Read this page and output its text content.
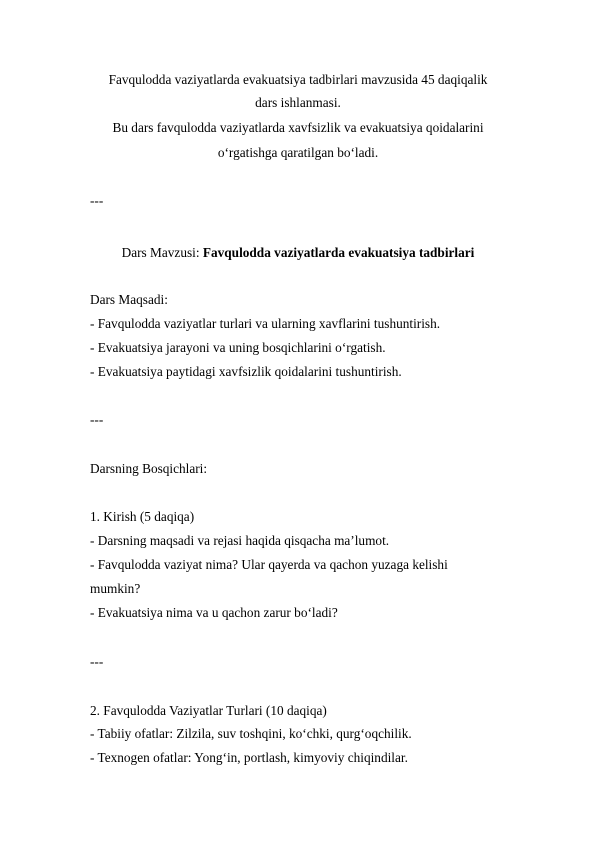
Favqulodda vaziyatlarda evakuatsiya tadbirlari mavzusida 45 daqiqalik
dars ishlanmasi.
Bu dars favqulodda vaziyatlarda xavfsizlik va evakuatsiya qoidalarini
o‘rgatishga qaratilgan bo‘ladi.
---
Dars Mavzusi: Favqulodda vaziyatlarda evakuatsiya tadbirlari
Dars Maqsadi:
- Favqulodda vaziyatlar turlari va ularning xavflarini tushuntirish.
- Evakuatsiya jarayoni va uning bosqichlarini o‘rgatish.
- Evakuatsiya paytidagi xavfsizlik qoidalarini tushuntirish.
---
Darsning Bosqichlari:
1. Kirish (5 daqiqa)
- Darsning maqsadi va rejasi haqida qisqacha ma’lumot.
- Favqulodda vaziyat nima? Ular qayerda va qachon yuzaga kelishi
mumkin?
- Evakuatsiya nima va u qachon zarur bo‘ladi?
---
2. Favqulodda Vaziyatlar Turlari (10 daqiqa)
- Tabiiy ofatlar: Zilzila, suv toshqini, ko‘chki, qurg‘oqchilik.
- Texnogen ofatlar: Yong‘in, portlash, kimyoviy chiqindilar.
